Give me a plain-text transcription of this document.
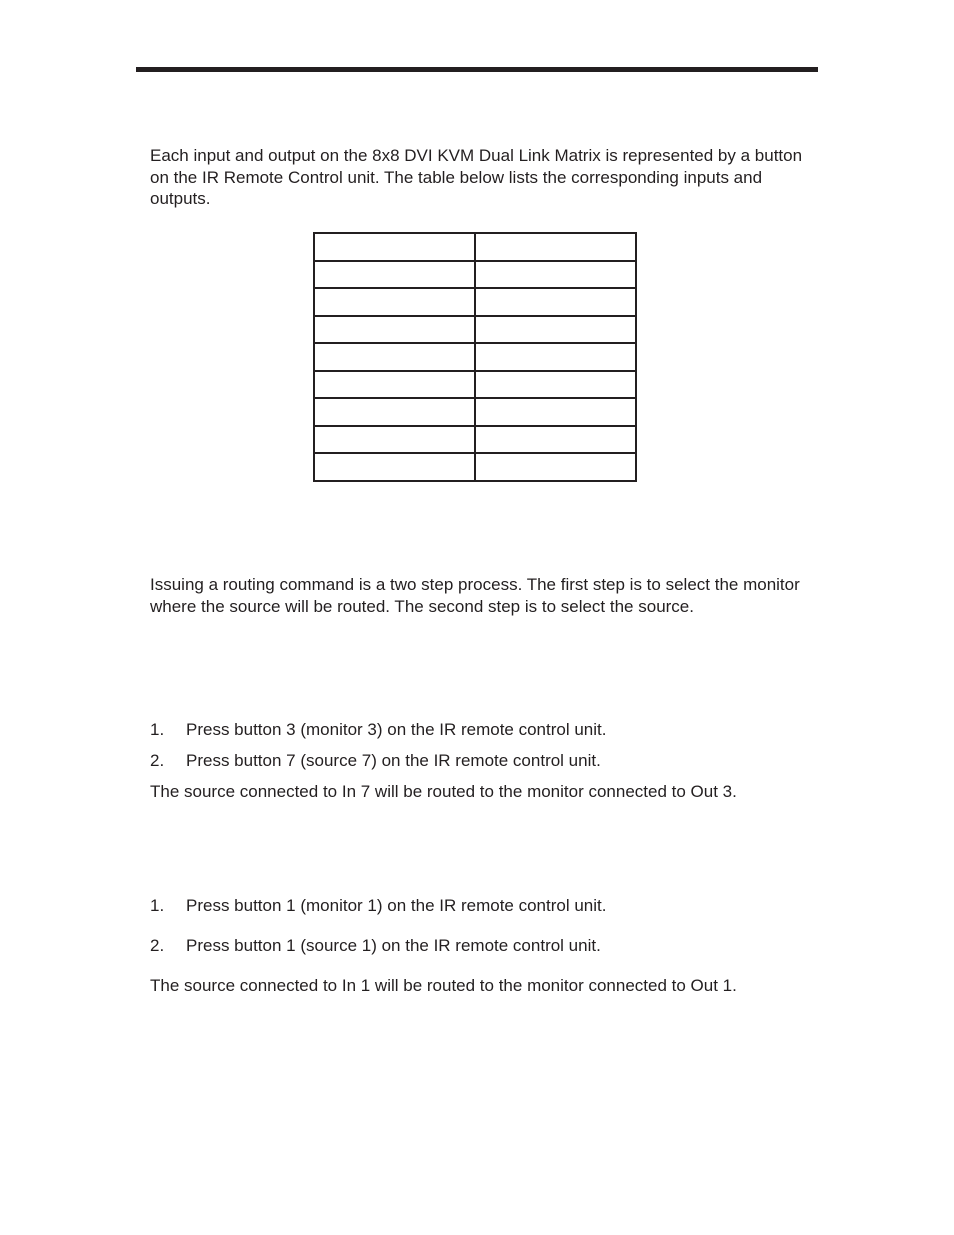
Each input and output on the 8x8 DVI KVM Dual Link Matrix is represented by a button on the IR Remote Control unit. The table below lists the corresponding inputs and outputs.

Issuing a routing command is a two step process. The first step is to select the monitor where the source will be routed. The second step is to select the source.

1. Press button 3 (monitor 3) on the IR remote control unit.
2. Press button 7 (source 7) on the IR remote control unit.
The source connected to In 7 will be routed to the monitor connected to Out 3.
1. Press button 1 (monitor 1) on the IR remote control unit.
2. Press button 1 (source 1) on the IR remote control unit.
The source connected to In 1 will be routed to the monitor connected to Out 1.
